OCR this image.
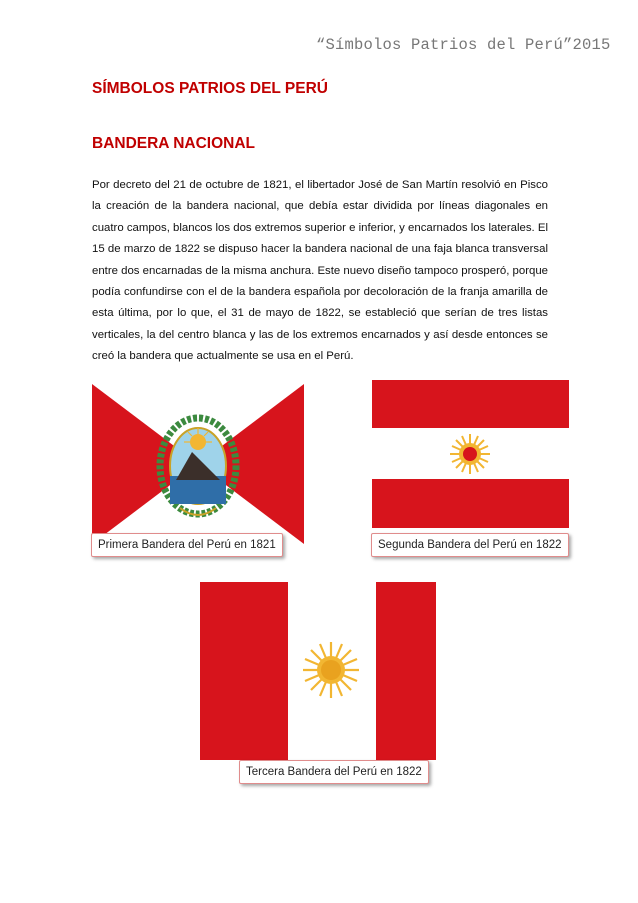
“Símbolos Patrios del Perú”2015
SÍMBOLOS PATRIOS DEL PERÚ
BANDERA NACIONAL

Por decreto del 21 de octubre de 1821, el libertador José de San Martín resolvió en Pisco la creación de la bandera nacional, que debía estar dividida por líneas diagonales en cuatro campos, blancos los dos extremos superior e inferior, y encarnados los laterales. El 15 de marzo de 1822 se dispuso hacer la bandera nacional de una faja blanca transversal entre dos encarnadas de la misma anchura. Este nuevo diseño tampoco prosperó, porque podía confundirse con el de la bandera española por decoloración de la franja amarilla de esta última, por lo que, el 31 de mayo de 1822, se estableció que serían de tres listas verticales, la del centro blanca y las de los extremos encarnados y así desde entonces se creó la bandera que actualmente se usa en el Perú.

Primera Bandera del Perú en 1821	Segunda Bandera del Perú en 1822
Tercera Bandera del Perú en 1822
